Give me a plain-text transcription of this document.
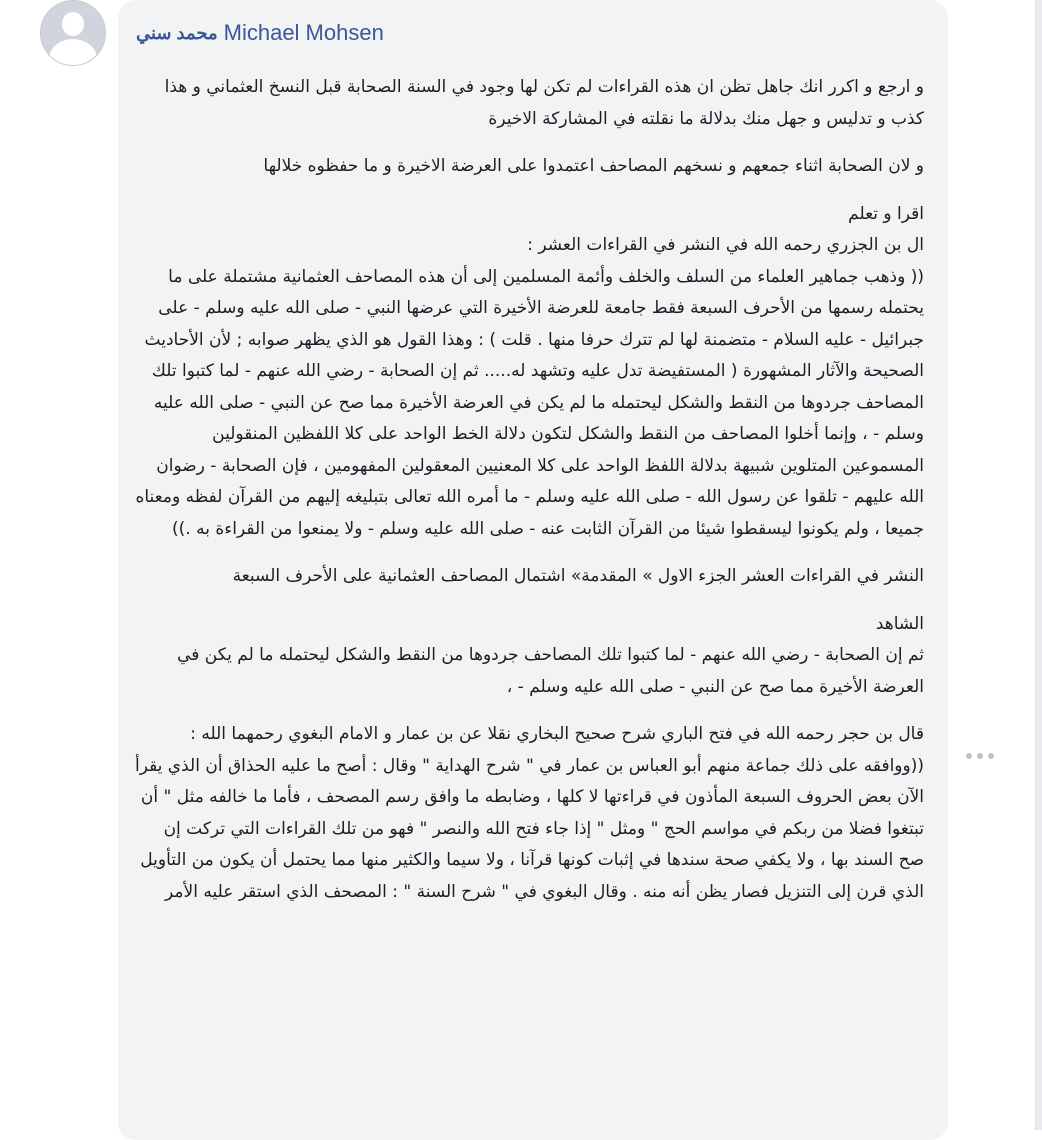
محمد سني Michael Mohsen

و ارجع و اكرر انك جاهل تظن ان هذه القراءات لم تكن لها وجود في السنة الصحابة قبل النسخ العثماني و هذا كذب و تدليس و جهل منك بدلالة ما نقلته في المشاركة الاخيرة

و لان الصحابة اثناء جمعهم و نسخهم المصاحف اعتمدوا على العرضة الاخيرة و ما حفظوه خلالها

اقرا و تعلم
ال بن الجزري رحمه الله في النشر في القراءات العشر :
(( وذهب جماهير العلماء من السلف والخلف وأئمة المسلمين إلى أن هذه المصاحف العثمانية مشتملة على ما يحتمله رسمها من الأحرف السبعة فقط جامعة للعرضة الأخيرة التي عرضها النبي - صلى الله عليه وسلم - على جبرائيل - عليه السلام - متضمنة لها لم تترك حرفا منها . قلت ) : وهذا القول هو الذي يظهر صوابه ; لأن الأحاديث الصحيحة والآثار المشهورة ( المستفيضة تدل عليه وتشهد له..... ثم إن الصحابة - رضي الله عنهم - لما كتبوا تلك المصاحف جردوها من النقط والشكل ليحتمله ما لم يكن في العرضة الأخيرة مما صح عن النبي - صلى الله عليه وسلم - ، وإنما أخلوا المصاحف من النقط والشكل لتكون دلالة الخط الواحد على كلا اللفظين المنقولين المسموعين المتلوين شبيهة بدلالة اللفظ الواحد على كلا المعنيين المعقولين المفهومين ، فإن الصحابة - رضوان الله عليهم - تلقوا عن رسول الله - صلى الله عليه وسلم - ما أمره الله تعالى بتبليغه إليهم من القرآن لفظه ومعناه جميعا ، ولم يكونوا ليسقطوا شيئا من القرآن الثابت عنه - صلى الله عليه وسلم - ولا يمنعوا من القراءة به .))

النشر في القراءات العشر الجزء الاول » المقدمة» اشتمال المصاحف العثمانية على الأحرف السبعة

الشاهد
ثم إن الصحابة - رضي الله عنهم - لما كتبوا تلك المصاحف جردوها من النقط والشكل ليحتمله ما لم يكن في العرضة الأخيرة مما صح عن النبي - صلى الله عليه وسلم - ،

قال بن حجر رحمه الله في فتح الباري شرح صحيح البخاري نقلا عن بن عمار و الامام البغوي رحمهما الله :
((ووافقه على ذلك جماعة منهم أبو العباس بن عمار في " شرح الهداية " وقال : أصح ما عليه الحذاق أن الذي يقرأ الآن بعض الحروف السبعة المأذون في قراءتها لا كلها ، وضابطه ما وافق رسم المصحف ، فأما ما خالفه مثل " أن تبتغوا فضلا من ربكم في مواسم الحج " ومثل " إذا جاء فتح الله والنصر " فهو من تلك القراءات التي تركت إن صح السند بها ، ولا يكفي صحة سندها في إثبات كونها قرآنا ، ولا سيما والكثير منها مما يحتمل أن يكون من التأويل الذي قرن إلى التنزيل فصار يظن أنه منه . وقال البغوي في " شرح السنة " : المصحف الذي استقر عليه الأمر
